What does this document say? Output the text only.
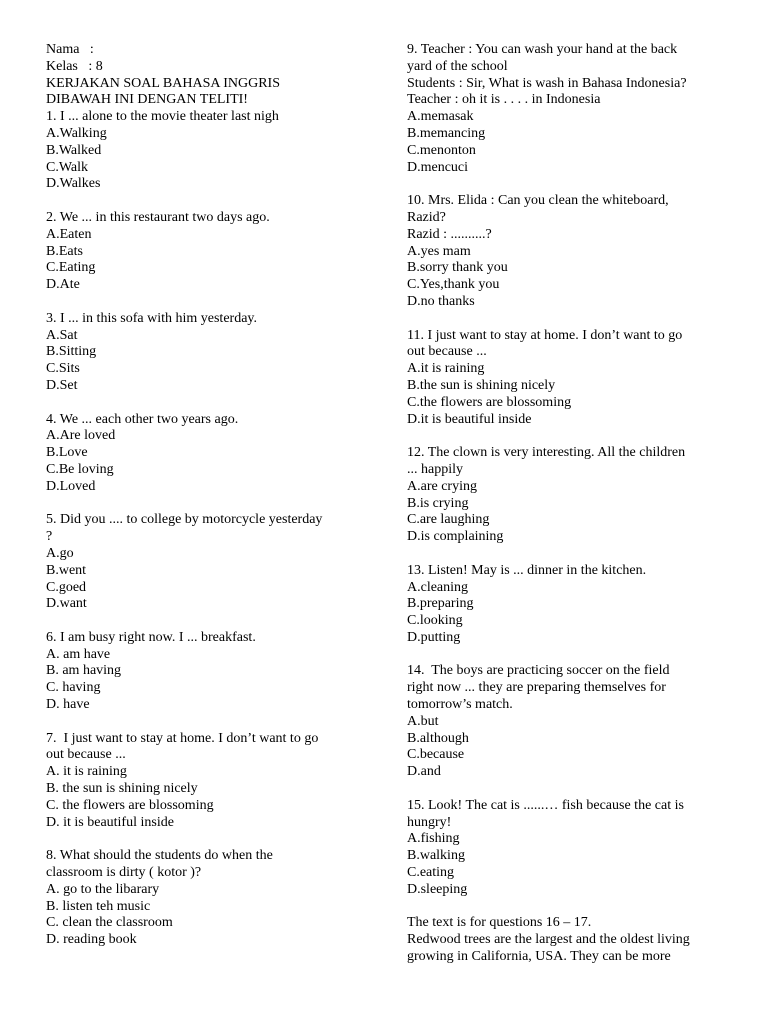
Nama   :
Kelas   : 8
KERJAKAN SOAL BAHASA INGGRIS
DIBAWAH INI DENGAN TELITI!
1. I ... alone to the movie theater last nigh
A.Walking
B.Walked
C.Walk
D.Walkes
2. We ... in this restaurant two days ago.
A.Eaten
B.Eats
C.Eating
D.Ate
3. I ... in this sofa with him yesterday.
A.Sat
B.Sitting
C.Sits
D.Set
4. We ... each other two years ago.
A.Are loved
B.Love
C.Be loving
D.Loved
5. Did you .... to college by motorcycle yesterday
?
A.go
B.went
C.goed
D.want
6. I am busy right now. I ... breakfast.
A. am have
B. am having
C. having
D. have
7.  I just want to stay at home. I don’t want to go
out because ...
A. it is raining
B. the sun is shining nicely
C. the flowers are blossoming
D. it is beautiful inside
8. What should the students do when the
classroom is dirty ( kotor )?
A. go to the libarary
B. listen teh music
C. clean the classroom
D. reading book
9. Teacher : You can wash your hand at the back
yard of the school
Students : Sir, What is wash in Bahasa Indonesia?
Teacher : oh it is . . . . in Indonesia
A.memasak
B.memancing
C.menonton
D.mencuci
10. Mrs. Elida : Can you clean the whiteboard,
Razid?
Razid : ..........?
A.yes mam
B.sorry thank you
C.Yes,thank you
D.no thanks
11. I just want to stay at home. I don’t want to go
out because ...
A.it is raining
B.the sun is shining nicely
C.the flowers are blossoming
D.it is beautiful inside
12. The clown is very interesting. All the children
... happily
A.are crying
B.is crying
C.are laughing
D.is complaining
13. Listen! May is ... dinner in the kitchen.
A.cleaning
B.preparing
C.looking
D.putting
14.  The boys are practicing soccer on the field
right now ... they are preparing themselves for
tomorrow’s match.
A.but
B.although
C.because
D.and
15. Look! The cat is ......… fish because the cat is
hungry!
A.fishing
B.walking
C.eating
D.sleeping
The text is for questions 16 – 17.
Redwood trees are the largest and the oldest living
growing in California, USA. They can be more
